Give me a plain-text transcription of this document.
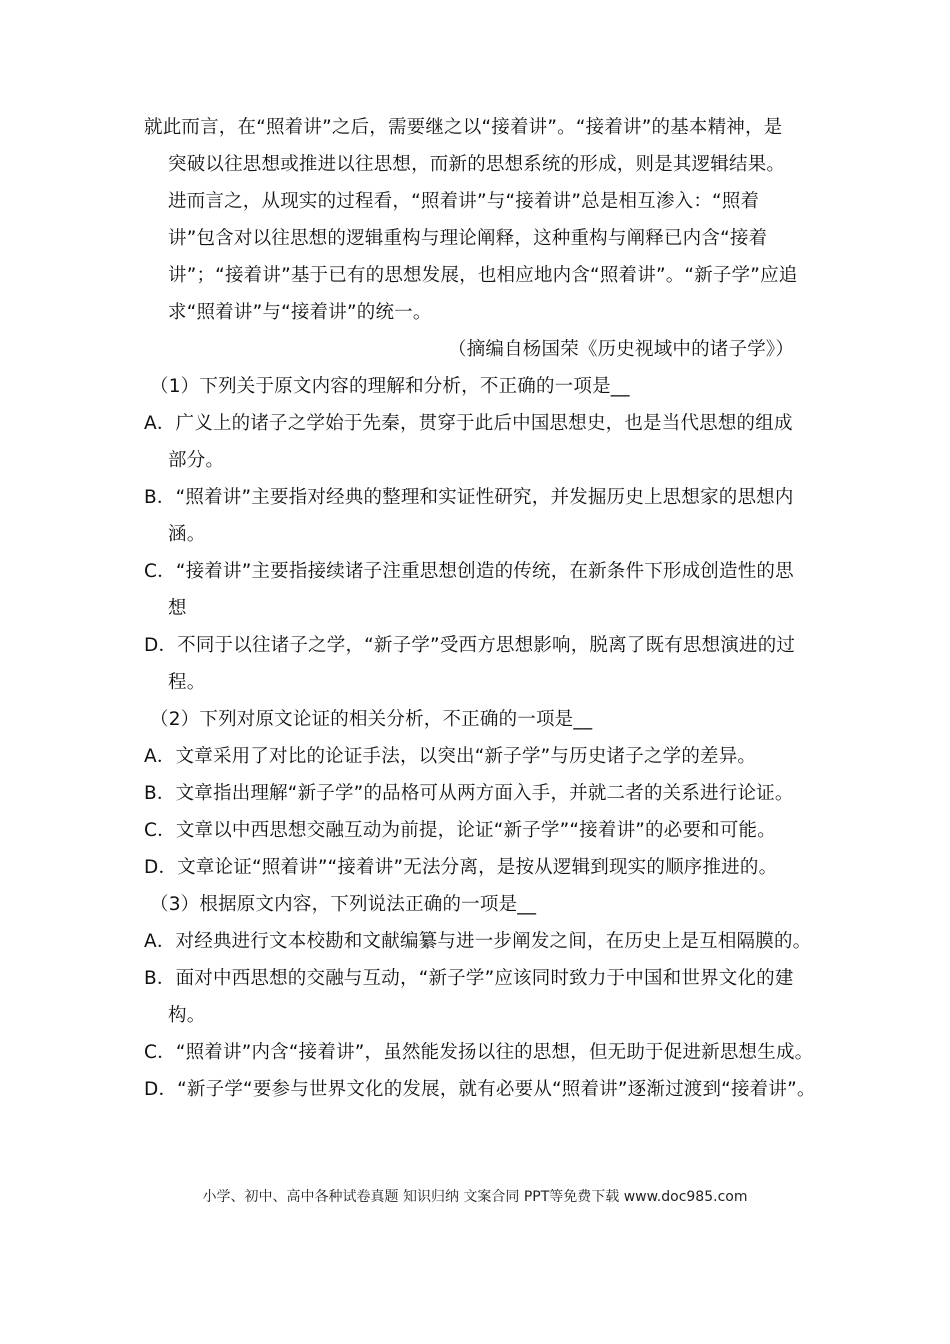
就此而言，在“照着讲”之后，需要继之以“接着讲”。“接着讲”的基本精神，是
突破以往思想或推进以往思想，而新的思想系统的形成，则是其逻辑结果。
进而言之，从现实的过程看，“照着讲”与“接着讲”总是相互渗入：“照着
讲”包含对以往思想的逻辑重构与理论阐释，这种重构与阐释已内含“接着
讲”；“接着讲”基于已有的思想发展，也相应地内含“照着讲”。“新子学”应追
求“照着讲”与“接着讲”的统一。
（摘编自杨国荣《历史视域中的诸子学》）
（1）下列关于原文内容的理解和分析，不正确的一项是__
A．广义上的诸子之学始于先秦，贯穿于此后中国思想史，也是当代思想的组成
部分。
B．“照着讲”主要指对经典的整理和实证性研究，并发掘历史上思想家的思想内
涵。
C．“接着讲”主要指接续诸子注重思想创造的传统，在新条件下形成创造性的思
想
D．不同于以往诸子之学，“新子学”受西方思想影响，脱离了既有思想演进的过
程。
（2）下列对原文论证的相关分析，不正确的一项是__
A．文章采用了对比的论证手法，以突出“新子学”与历史诸子之学的差异。
B．文章指出理解“新子学”的品格可从两方面入手，并就二者的关系进行论证。
C．文章以中西思想交融互动为前提，论证“新子学”“接着讲”的必要和可能。
D．文章论证“照着讲”“接着讲”无法分离，是按从逻辑到现实的顺序推进的。
（3）根据原文内容，下列说法正确的一项是__
A．对经典进行文本校勘和文献编纂与进一步阐发之间，在历史上是互相隔膜的。
B．面对中西思想的交融与互动，“新子学”应该同时致力于中国和世界文化的建
构。
C．“照着讲”内含“接着讲”，虽然能发扬以往的思想，但无助于促进新思想生成。
D．“新子学“要参与世界文化的发展，就有必要从“照着讲”逐渐过渡到“接着讲”。
小学、初中、高中各种试卷真题 知识归纳 文案合同 PPT等免费下载 www.doc985.com
